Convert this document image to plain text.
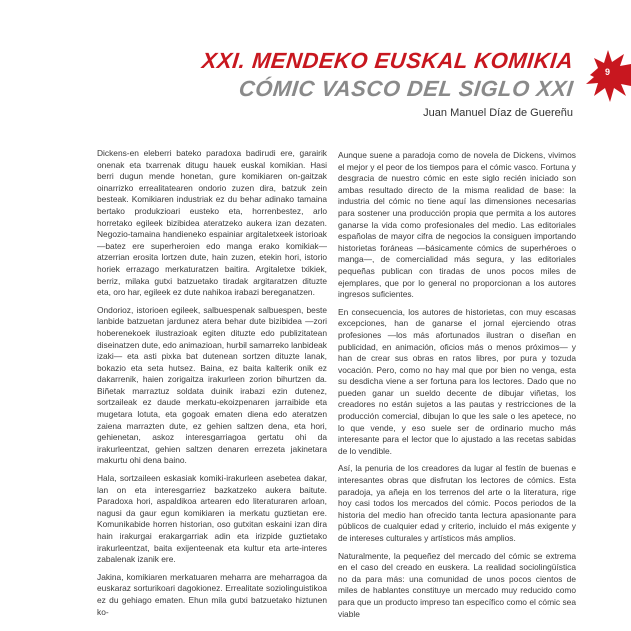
XXI. MENDEKO EUSKAL KOMIKIA
CÓMIC VASCO DEL SIGLO XXI
Juan Manuel Díaz de Guereñu
9

Dickens-en eleberri bateko paradoxa badirudi ere, garairik onenak eta txarrenak ditugu hauek euskal komikian. Hasi berri dugun mende honetan, gure komikiaren on-gaitzak oinarrizko errealitatearen ondorio zuzen dira, batzuk zein besteak. Komikiaren industriak ez du behar adinako tamaina bertako produkzioari eusteko eta, horrenbestez, arlo horretako egileek bizibidea ateratzeko aukera izan dezaten. Negozio-tamaina handieneko espainiar argitaletxeek istorioak —batez ere superheroien edo manga erako komikiak— atzerrian erosita lortzen dute, hain zuzen, etekin hori, istorio horiek errazago merkaturatzen baitira. Argitaletxe txikiek, berriz, milaka gutxi batzuetako tiradak argitaratzen dituzte eta, oro har, egileek ez dute nahikoa irabazi bereganatzen.

Ondorioz, istorioen egileek, salbuespenak salbuespen, beste lanbide batzuetan jardunez atera behar dute bizibidea —zori hoberenekoek ilustrazioak egiten dituzte edo publizitatean diseinatzen dute, edo animazioan, hurbil samarreko lanbideak izaki— eta asti pixka bat dutenean sortzen dituzte lanak, bokazio eta seta hutsez. Baina, ez baita kalterik onik ez dakarrenik, haien zorigaitza irakurleen zorion bihurtzen da. Biñetak marraztuz soldata duinik irabazi ezin dutenez, sortzaileak ez daude merkatu-ekoizpenaren jarraibide eta mugetara lotuta, eta gogoak ematen diena edo ateratzen zaiena marrazten dute, ez gehien saltzen dena, eta hori, gehienetan, askoz interesgarriagoa gertatu ohi da irakurleentzat, gehien saltzen denaren errezeta jakinetara makurtu ohi dena baino.

Hala, sortzaileen eskasiak komiki-irakurleen asebetea dakar, lan on eta interesgarriez bazkatzeko aukera baitute. Paradoxa hori, aspaldikoa artearen edo literaturaren arloan, nagusi da gaur egun komikiaren ia merkatu guztietan ere. Komunikabide horren historian, oso gutxitan eskaini izan dira hain irakurgai erakargarriak adin eta irizpide guztietako irakurleentzat, baita exijenteenak eta kultur eta arte-interes zabalenak izanik ere.

Jakina, komikiaren merkatuaren meharra are meharragoa da euskaraz sorturikoari dagokionez. Errealitate soziolinguistikoa ez du gehiago ematen. Ehun mila gutxi batzuetako hiztunen ko-

Aunque suene a paradoja como de novela de Dickens, vivimos el mejor y el peor de los tiempos para el cómic vasco. Fortuna y desgracia de nuestro cómic en este siglo recién iniciado son ambas resultado directo de la misma realidad de base: la industria del cómic no tiene aquí las dimensiones necesarias para sostener una producción propia que permita a los autores ganarse la vida como profesionales del medio. Las editoriales españolas de mayor cifra de negocios la consiguen importando historietas foráneas —básicamente cómics de superhéroes o manga—, de comercialidad más segura, y las editoriales pequeñas publican con tiradas de unos pocos miles de ejemplares, que por lo general no proporcionan a los autores ingresos suficientes.

En consecuencia, los autores de historietas, con muy escasas excepciones, han de ganarse el jornal ejerciendo otras profesiones —los más afortunados ilustran o diseñan en publicidad, en animación, oficios más o menos próximos— y han de crear sus obras en ratos libres, por pura y tozuda vocación. Pero, como no hay mal que por bien no venga, esta su desdicha viene a ser fortuna para los lectores. Dado que no pueden ganar un sueldo decente de dibujar viñetas, los creadores no están sujetos a las pautas y restricciones de la producción comercial, dibujan lo que les sale o les apetece, no lo que vende, y eso suele ser de ordinario mucho más interesante para el lector que lo ajustado a las recetas sabidas de lo vendible.

Así, la penuria de los creadores da lugar al festín de buenas e interesantes obras que disfrutan los lectores de cómics. Esta paradoja, ya añeja en los terrenos del arte o la literatura, rige hoy casi todos los mercados del cómic. Pocos periodos de la historia del medio han ofrecido tanta lectura apasionante para públicos de cualquier edad y criterio, incluido el más exigente y de intereses culturales y artísticos más amplios.

Naturalmente, la pequeñez del mercado del cómic se extrema en el caso del creado en euskera. La realidad sociolingüística no da para más: una comunidad de unos pocos cientos de miles de hablantes constituye un mercado muy reducido como para que un producto impreso tan específico como el cómic sea viable
